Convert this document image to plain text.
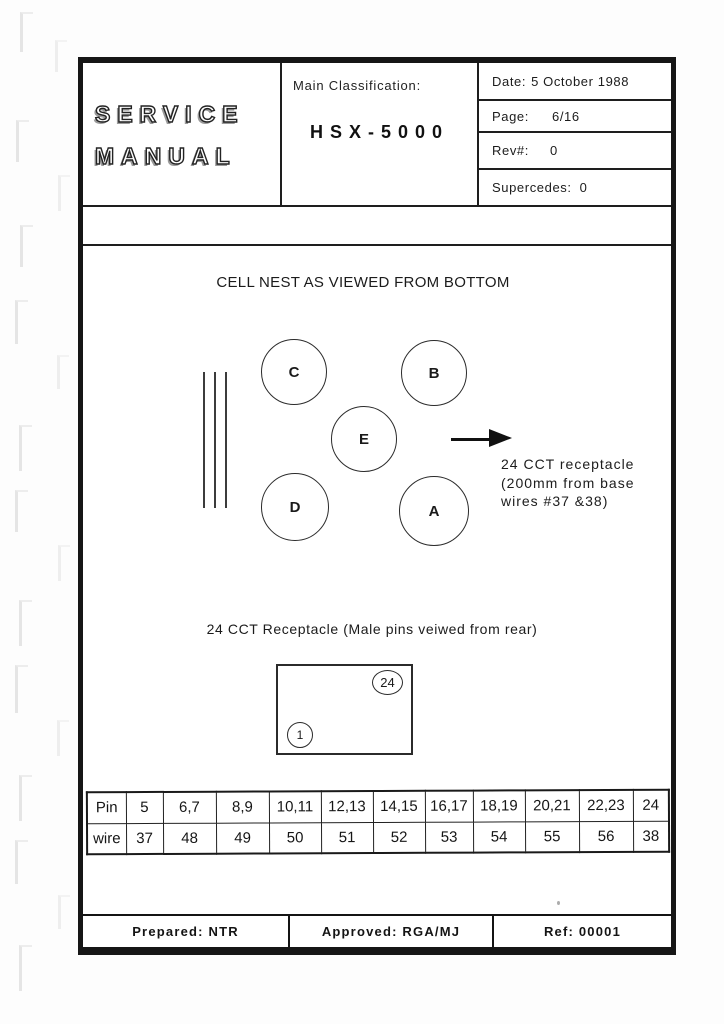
SERVICE
MANUAL
Main Classification:
HSX-5000
Date: 5 October 1988
Page: 6/16
Rev#: 0
Supercedes: 0
CELL NEST AS VIEWED FROM BOTTOM
C	B
E
D	A
24 CCT receptacle
(200mm from base
wires #37 &38)
24 CCT Receptacle (Male pins veiwed from rear)
24
1
Pin	5	6,7	8,9	10,11	12,13	14,15	16,17	18,19	20,21	22,23	24
wire	37	48	49	50	51	52	53	54	55	56	38
Prepared: NTR	Approved: RGA/MJ	Ref: 00001
